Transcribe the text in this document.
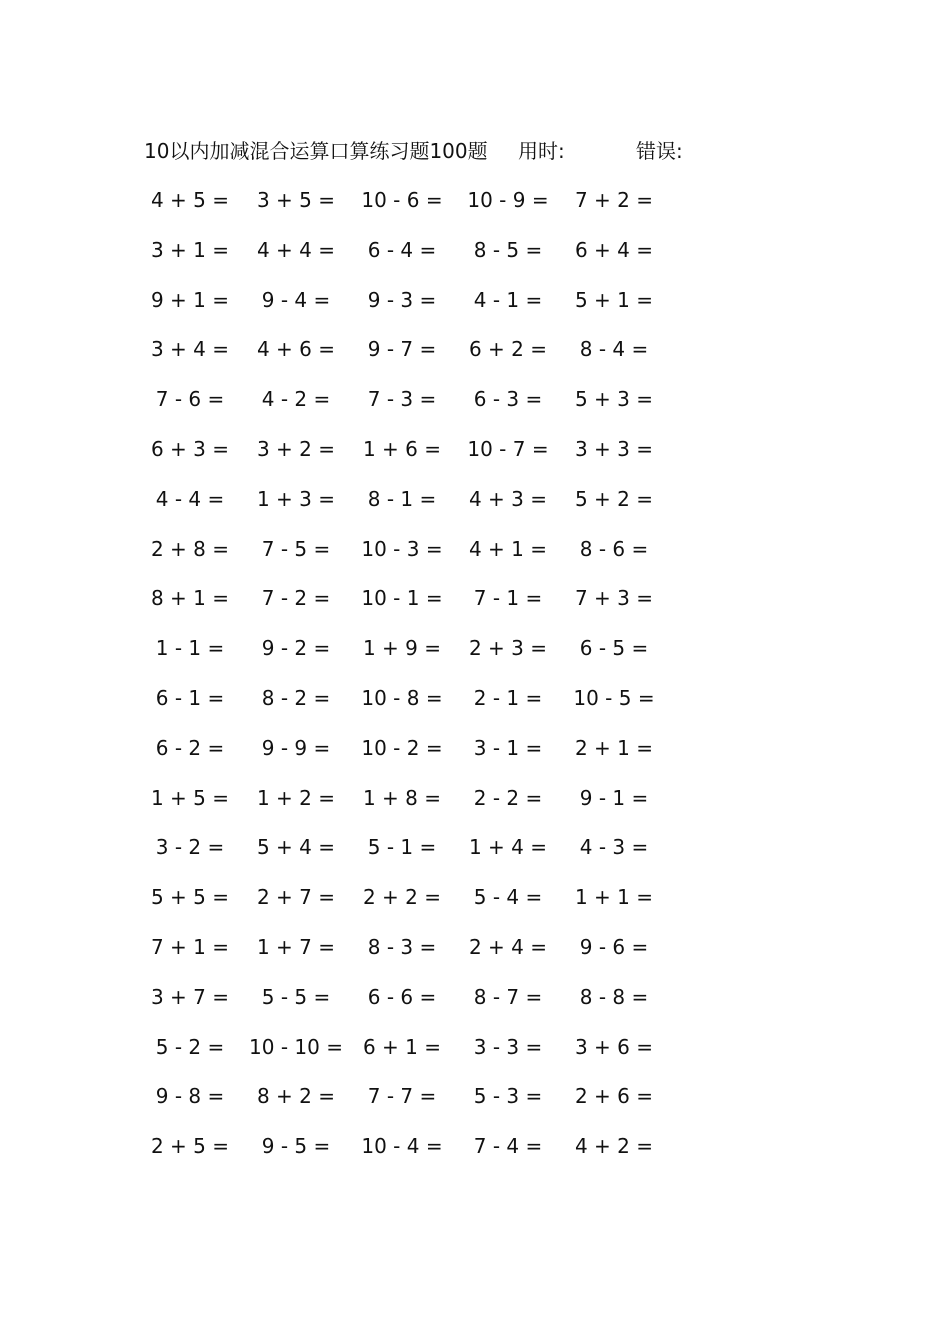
10以内加减混合运算口算练习题100题 用时:	错误:
4 + 5 =	3 + 5 =	10 - 6 =	10 - 9 =	7 + 2 =
3 + 1 =	4 + 4 =	6 - 4 =	8 - 5 =	6 + 4 =
9 + 1 =	9 - 4 =	9 - 3 =	4 - 1 =	5 + 1 =
3 + 4 =	4 + 6 =	9 - 7 =	6 + 2 =	8 - 4 =
7 - 6 =	4 - 2 =	7 - 3 =	6 - 3 =	5 + 3 =
6 + 3 =	3 + 2 =	1 + 6 =	10 - 7 =	3 + 3 =
4 - 4 =	1 + 3 =	8 - 1 =	4 + 3 =	5 + 2 =
2 + 8 =	7 - 5 =	10 - 3 =	4 + 1 =	8 - 6 =
8 + 1 =	7 - 2 =	10 - 1 =	7 - 1 =	7 + 3 =
1 - 1 =	9 - 2 =	1 + 9 =	2 + 3 =	6 - 5 =
6 - 1 =	8 - 2 =	10 - 8 =	2 - 1 =	10 - 5 =
6 - 2 =	9 - 9 =	10 - 2 =	3 - 1 =	2 + 1 =
1 + 5 =	1 + 2 =	1 + 8 =	2 - 2 =	9 - 1 =
3 - 2 =	5 + 4 =	5 - 1 =	1 + 4 =	4 - 3 =
5 + 5 =	2 + 7 =	2 + 2 =	5 - 4 =	1 + 1 =
7 + 1 =	1 + 7 =	8 - 3 =	2 + 4 =	9 - 6 =
3 + 7 =	5 - 5 =	6 - 6 =	8 - 7 =	8 - 8 =
5 - 2 =	10 - 10 =	6 + 1 =	3 - 3 =	3 + 6 =
9 - 8 =	8 + 2 =	7 - 7 =	5 - 3 =	2 + 6 =
2 + 5 =	9 - 5 =	10 - 4 =	7 - 4 =	4 + 2 =
